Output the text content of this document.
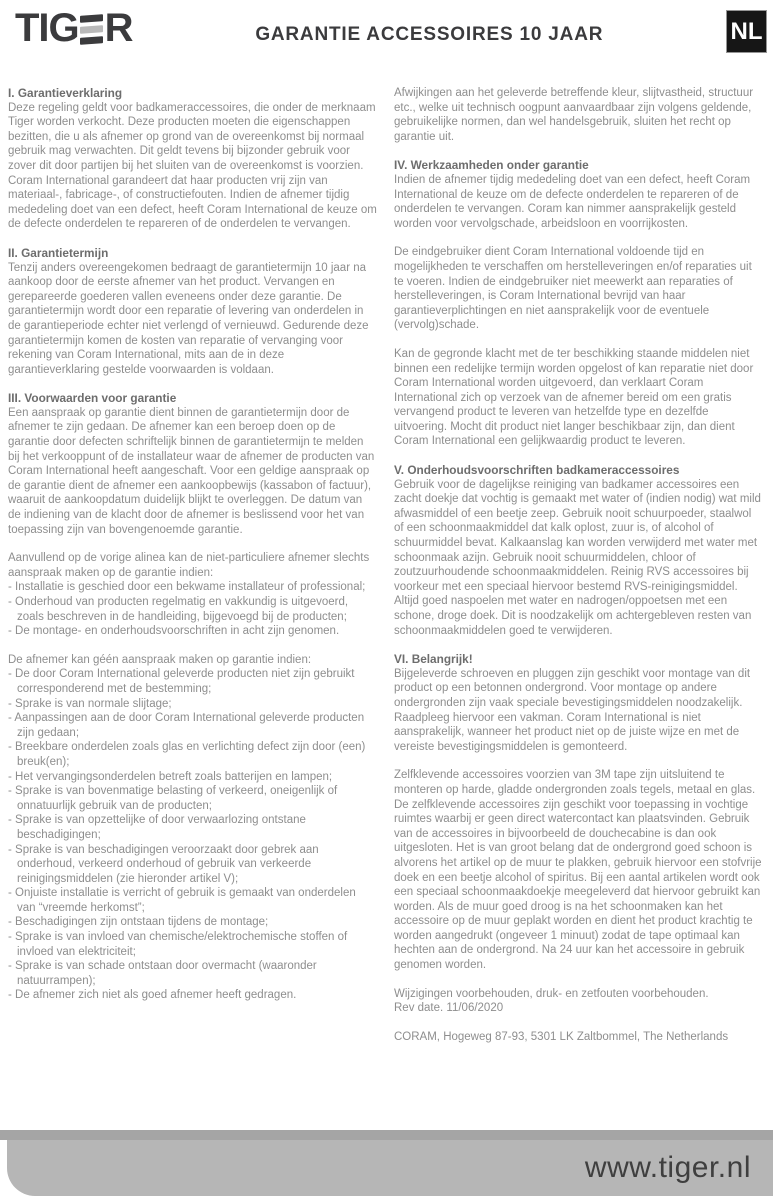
TIG R	GARANTIE ACCESSOIRES 10 JAAR	NL
I. Garantieverklaring

Deze regeling geldt voor badkameraccessoires, die onder de merknaam Tiger worden verkocht. Deze producten moeten die eigenschappen bezitten, die u als afnemer op grond van de overeenkomst bij normaal gebruik mag verwachten. Dit geldt tevens bij bijzonder gebruik voor zover dit door partijen bij het sluiten van de overeenkomst is voorzien. Coram International garandeert dat haar producten vrij zijn van materiaal-, fabricage-, of constructiefouten. Indien de afnemer tijdig mededeling doet van een defect, heeft Coram International de keuze om de defecte onderdelen te repareren of de onderdelen te vervangen.

II. Garantietermijn

Tenzij anders overeengekomen bedraagt de garantietermijn 10 jaar na aankoop door de eerste afnemer van het product. Vervangen en gerepareerde goederen vallen eveneens onder deze garantie. De garantietermijn wordt door een reparatie of levering van onderdelen in de garantieperiode echter niet verlengd of vernieuwd. Gedurende deze garantietermijn komen de kosten van reparatie of vervanging voor rekening van Coram International, mits aan de in deze garantieverklaring gestelde voorwaarden is voldaan.

III. Voorwaarden voor garantie

Een aanspraak op garantie dient binnen de garantietermijn door de afnemer te zijn gedaan. De afnemer kan een beroep doen op de garantie door defecten schriftelijk binnen de garantietermijn te melden bij het verkooppunt of de installateur waar de afnemer de producten van Coram International heeft aangeschaft. Voor een geldige aanspraak op de garantie dient de afnemer een aankoopbewijs (kassabon of factuur), waaruit de aankoopdatum duidelijk blijkt te overleggen. De datum van de indiening van de klacht door de afnemer is beslissend voor het van toepassing zijn van bovengenoemde garantie.

Aanvullend op de vorige alinea kan de niet-particuliere afnemer slechts aanspraak maken op de garantie indien:

- Installatie is geschied door een bekwame installateur of professional;
- Onderhoud van producten regelmatig en vakkundig is uitgevoerd, zoals beschreven in de handleiding, bijgevoegd bij de producten;
- De montage- en onderhoudsvoorschriften in acht zijn genomen.

De afnemer kan géén aanspraak maken op garantie indien:

- De door Coram International geleverde producten niet zijn gebruikt corresponderend met de bestemming;
- Sprake is van normale slijtage;
- Aanpassingen aan de door Coram International geleverde producten zijn gedaan;
- Breekbare onderdelen zoals glas en verlichting defect zijn door (een) breuk(en);
- Het vervangingsonderdelen betreft zoals batterijen en lampen;
- Sprake is van bovenmatige belasting of verkeerd, oneigenlijk of onnatuurlijk gebruik van de producten;
- Sprake is van opzettelijke of door verwaarlozing ontstane beschadigingen;
- Sprake is van beschadigingen veroorzaakt door gebrek aan onderhoud, verkeerd onderhoud of gebruik van verkeerde reinigingsmiddelen (zie hieronder artikel V);
- Onjuiste installatie is verricht of gebruik is gemaakt van onderdelen van “vreemde herkomst”;
- Beschadigingen zijn ontstaan tijdens de montage;
- Sprake is van invloed van chemische/elektrochemische stoffen of invloed van elektriciteit;
- Sprake is van schade ontstaan door overmacht (waaronder natuurrampen);
- De afnemer zich niet als goed afnemer heeft gedragen.

Afwijkingen aan het geleverde betreffende kleur, slijtvastheid, structuur etc., welke uit technisch oogpunt aanvaardbaar zijn volgens geldende, gebruikelijke normen, dan wel handelsgebruik, sluiten het recht op garantie uit.

IV. Werkzaamheden onder garantie

Indien de afnemer tijdig mededeling doet van een defect, heeft Coram International de keuze om de defecte onderdelen te repareren of de onderdelen te vervangen. Coram kan nimmer aansprakelijk gesteld worden voor vervolgschade, arbeidsloon en voorrijkosten.

De eindgebruiker dient Coram International voldoende tijd en mogelijkheden te verschaffen om herstelleveringen en/of reparaties uit te voeren. Indien de eindgebruiker niet meewerkt aan reparaties of herstelleveringen, is Coram International bevrijd van haar garantieverplichtingen en niet aansprakelijk voor de eventuele (vervolg)schade.

Kan de gegronde klacht met de ter beschikking staande middelen niet binnen een redelijke termijn worden opgelost of kan reparatie niet door Coram International worden uitgevoerd, dan verklaart Coram International zich op verzoek van de afnemer bereid om een gratis vervangend product te leveren van hetzelfde type en dezelfde uitvoering. Mocht dit product niet langer beschikbaar zijn, dan dient Coram International een gelijkwaardig product te leveren.

V. Onderhoudsvoorschriften badkameraccessoires

Gebruik voor de dagelijkse reiniging van badkamer accessoires een zacht doekje dat vochtig is gemaakt met water of (indien nodig) wat mild afwasmiddel of een beetje zeep. Gebruik nooit schuurpoeder, staalwol of een schoonmaakmiddel dat kalk oplost, zuur is, of alcohol of schuurmiddel bevat. Kalkaanslag kan worden verwijderd met water met schoonmaak azijn. Gebruik nooit schuurmiddelen, chloor of zoutzuurhoudende schoonmaakmiddelen. Reinig RVS accessoires bij voorkeur met een speciaal hiervoor bestemd RVS-reinigingsmiddel. Altijd goed naspoelen met water en nadrogen/oppoetsen met een schone, droge doek. Dit is noodzakelijk om achtergebleven resten van schoonmaakmiddelen goed te verwijderen.

VI. Belangrijk!

Bijgeleverde schroeven en pluggen zijn geschikt voor montage van dit product op een betonnen ondergrond. Voor montage op andere ondergronden zijn vaak speciale bevestigingsmiddelen noodzakelijk. Raadpleeg hiervoor een vakman. Coram International is niet aansprakelijk, wanneer het product niet op de juiste wijze en met de vereiste bevestigingsmiddelen is gemonteerd.

Zelfklevende accessoires voorzien van 3M tape zijn uitsluitend te monteren op harde, gladde ondergronden zoals tegels, metaal en glas. De zelfklevende accessoires zijn geschikt voor toepassing in vochtige ruimtes waarbij er geen direct watercontact kan plaatsvinden. Gebruik van de accessoires in bijvoorbeeld de douchecabine is dan ook uitgesloten. Het is van groot belang dat de ondergrond goed schoon is alvorens het artikel op de muur te plakken, gebruik hiervoor een stofvrije doek en een beetje alcohol of spiritus. Bij een aantal artikelen wordt ook een speciaal schoonmaakdoekje meegeleverd dat hiervoor gebruikt kan worden. Als de muur goed droog is na het schoonmaken kan het accessoire op de muur geplakt worden en dient het product krachtig te worden aangedrukt (ongeveer 1 minuut) zodat de tape optimaal kan hechten aan de ondergrond. Na 24 uur kan het accessoire in gebruik genomen worden.

Wijzigingen voorbehouden, druk- en zetfouten voorbehouden.

Rev date. 11/06/2020

CORAM, Hogeweg 87-93, 5301 LK Zaltbommel, The Netherlands

www.tiger.nl
